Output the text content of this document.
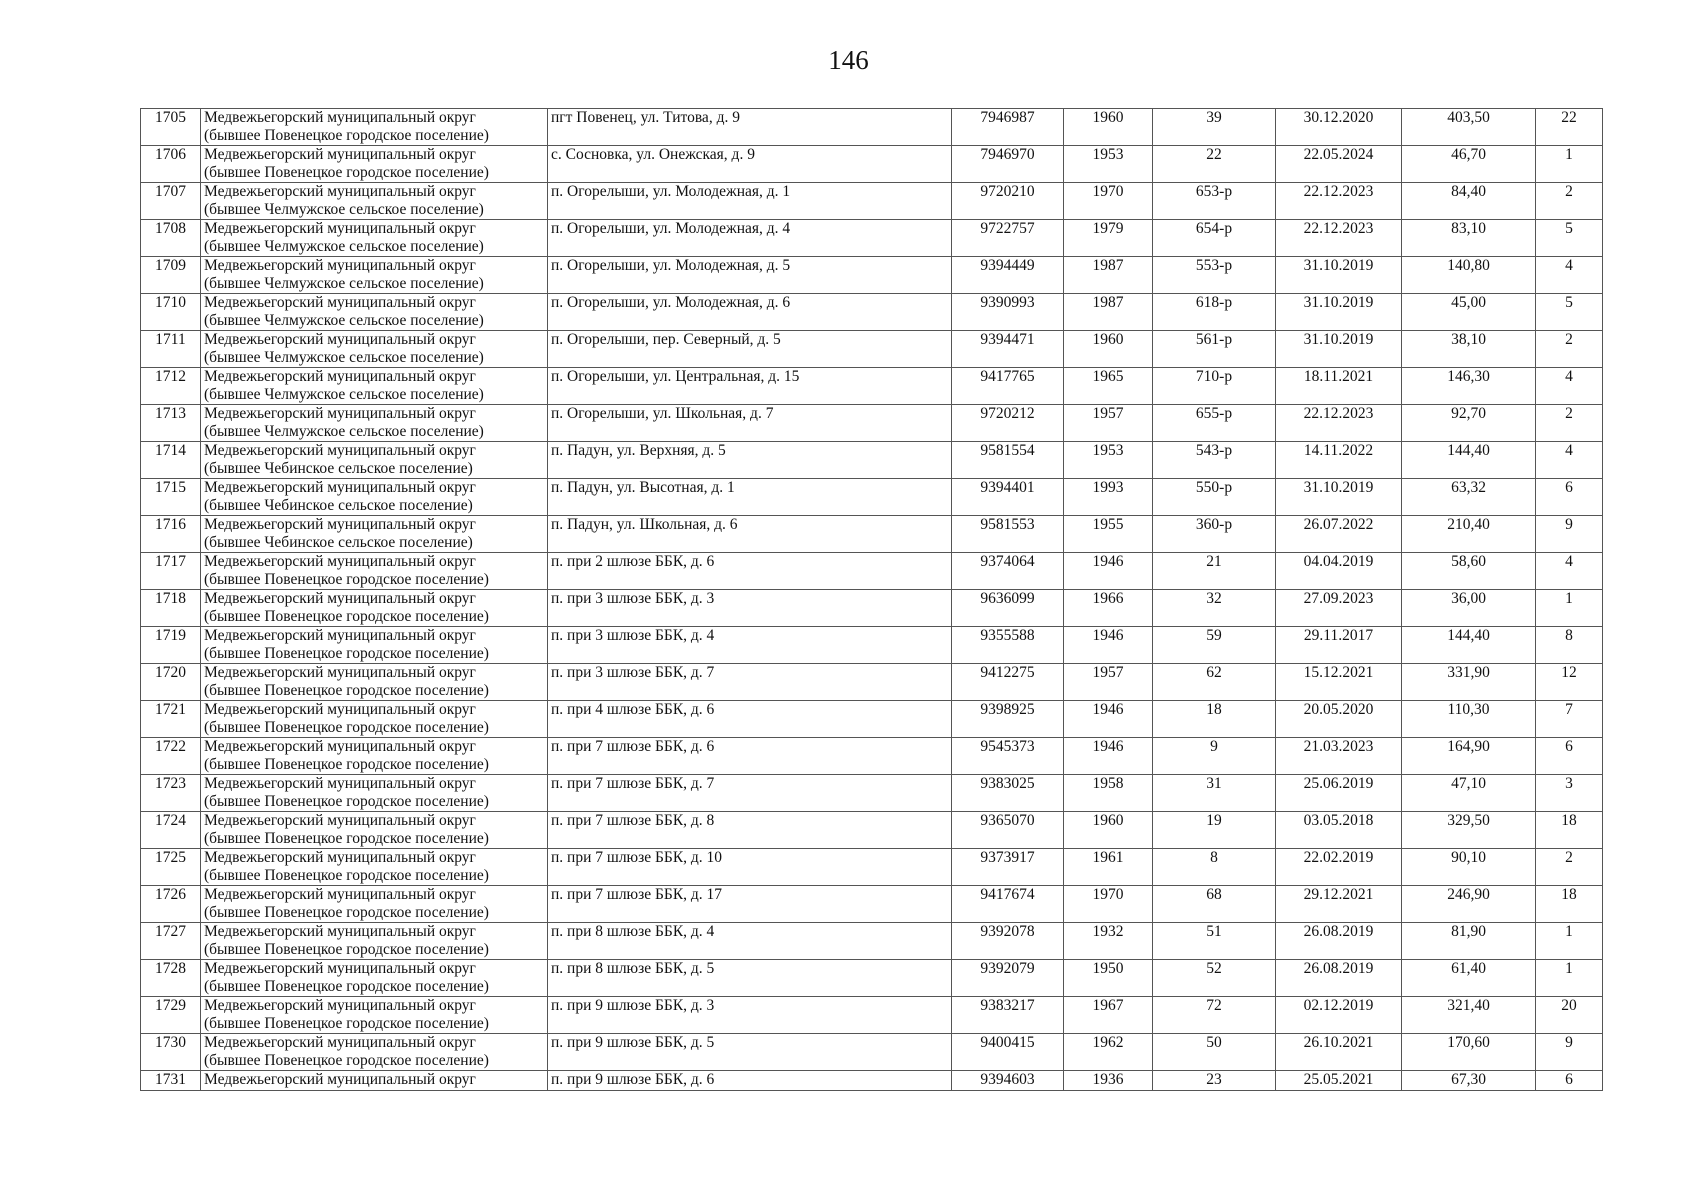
146
1705	Медвежьегорский муниципальный округ
(бывшее Повенецкое городское поселение)	пгт Повенец, ул. Титова, д. 9	7946987	1960	39	30.12.2020	403,50	22
1706	Медвежьегорский муниципальный округ
(бывшее Повенецкое городское поселение)	с. Сосновка, ул. Онежская, д. 9	7946970	1953	22	22.05.2024	46,70	1
1707	Медвежьегорский муниципальный округ
(бывшее Челмужское сельское поселение)	п. Огорелыши, ул. Молодежная, д. 1	9720210	1970	653-р	22.12.2023	84,40	2
1708	Медвежьегорский муниципальный округ
(бывшее Челмужское сельское поселение)	п. Огорелыши, ул. Молодежная, д. 4	9722757	1979	654-р	22.12.2023	83,10	5
1709	Медвежьегорский муниципальный округ
(бывшее Челмужское сельское поселение)	п. Огорелыши, ул. Молодежная, д. 5	9394449	1987	553-р	31.10.2019	140,80	4
1710	Медвежьегорский муниципальный округ
(бывшее Челмужское сельское поселение)	п. Огорелыши, ул. Молодежная, д. 6	9390993	1987	618-р	31.10.2019	45,00	5
1711	Медвежьегорский муниципальный округ
(бывшее Челмужское сельское поселение)	п. Огорелыши, пер. Северный, д. 5	9394471	1960	561-р	31.10.2019	38,10	2
1712	Медвежьегорский муниципальный округ
(бывшее Челмужское сельское поселение)	п. Огорелыши, ул. Центральная, д. 15	9417765	1965	710-р	18.11.2021	146,30	4
1713	Медвежьегорский муниципальный округ
(бывшее Челмужское сельское поселение)	п. Огорелыши, ул. Школьная, д. 7	9720212	1957	655-р	22.12.2023	92,70	2
1714	Медвежьегорский муниципальный округ
(бывшее Чебинское сельское поселение)	п. Падун, ул. Верхняя, д. 5	9581554	1953	543-р	14.11.2022	144,40	4
1715	Медвежьегорский муниципальный округ
(бывшее Чебинское сельское поселение)	п. Падун, ул. Высотная, д. 1	9394401	1993	550-р	31.10.2019	63,32	6
1716	Медвежьегорский муниципальный округ
(бывшее Чебинское сельское поселение)	п. Падун, ул. Школьная, д. 6	9581553	1955	360-р	26.07.2022	210,40	9
1717	Медвежьегорский муниципальный округ
(бывшее Повенецкое городское поселение)	п. при 2 шлюзе ББК, д. 6	9374064	1946	21	04.04.2019	58,60	4
1718	Медвежьегорский муниципальный округ
(бывшее Повенецкое городское поселение)	п. при 3 шлюзе ББК, д. 3	9636099	1966	32	27.09.2023	36,00	1
1719	Медвежьегорский муниципальный округ
(бывшее Повенецкое городское поселение)	п. при 3 шлюзе ББК, д. 4	9355588	1946	59	29.11.2017	144,40	8
1720	Медвежьегорский муниципальный округ
(бывшее Повенецкое городское поселение)	п. при 3 шлюзе ББК, д. 7	9412275	1957	62	15.12.2021	331,90	12
1721	Медвежьегорский муниципальный округ
(бывшее Повенецкое городское поселение)	п. при 4 шлюзе ББК, д. 6	9398925	1946	18	20.05.2020	110,30	7
1722	Медвежьегорский муниципальный округ
(бывшее Повенецкое городское поселение)	п. при 7 шлюзе ББК, д. 6	9545373	1946	9	21.03.2023	164,90	6
1723	Медвежьегорский муниципальный округ
(бывшее Повенецкое городское поселение)	п. при 7 шлюзе ББК, д. 7	9383025	1958	31	25.06.2019	47,10	3
1724	Медвежьегорский муниципальный округ
(бывшее Повенецкое городское поселение)	п. при 7 шлюзе ББК, д. 8	9365070	1960	19	03.05.2018	329,50	18
1725	Медвежьегорский муниципальный округ
(бывшее Повенецкое городское поселение)	п. при 7 шлюзе ББК, д. 10	9373917	1961	8	22.02.2019	90,10	2
1726	Медвежьегорский муниципальный округ
(бывшее Повенецкое городское поселение)	п. при 7 шлюзе ББК, д. 17	9417674	1970	68	29.12.2021	246,90	18
1727	Медвежьегорский муниципальный округ
(бывшее Повенецкое городское поселение)	п. при 8 шлюзе ББК, д. 4	9392078	1932	51	26.08.2019	81,90	1
1728	Медвежьегорский муниципальный округ
(бывшее Повенецкое городское поселение)	п. при 8 шлюзе ББК, д. 5	9392079	1950	52	26.08.2019	61,40	1
1729	Медвежьегорский муниципальный округ
(бывшее Повенецкое городское поселение)	п. при 9 шлюзе ББК, д. 3	9383217	1967	72	02.12.2019	321,40	20
1730	Медвежьегорский муниципальный округ
(бывшее Повенецкое городское поселение)	п. при 9 шлюзе ББК, д. 5	9400415	1962	50	26.10.2021	170,60	9
1731	Медвежьегорский муниципальный округ	п. при 9 шлюзе ББК, д. 6	9394603	1936	23	25.05.2021	67,30	6
